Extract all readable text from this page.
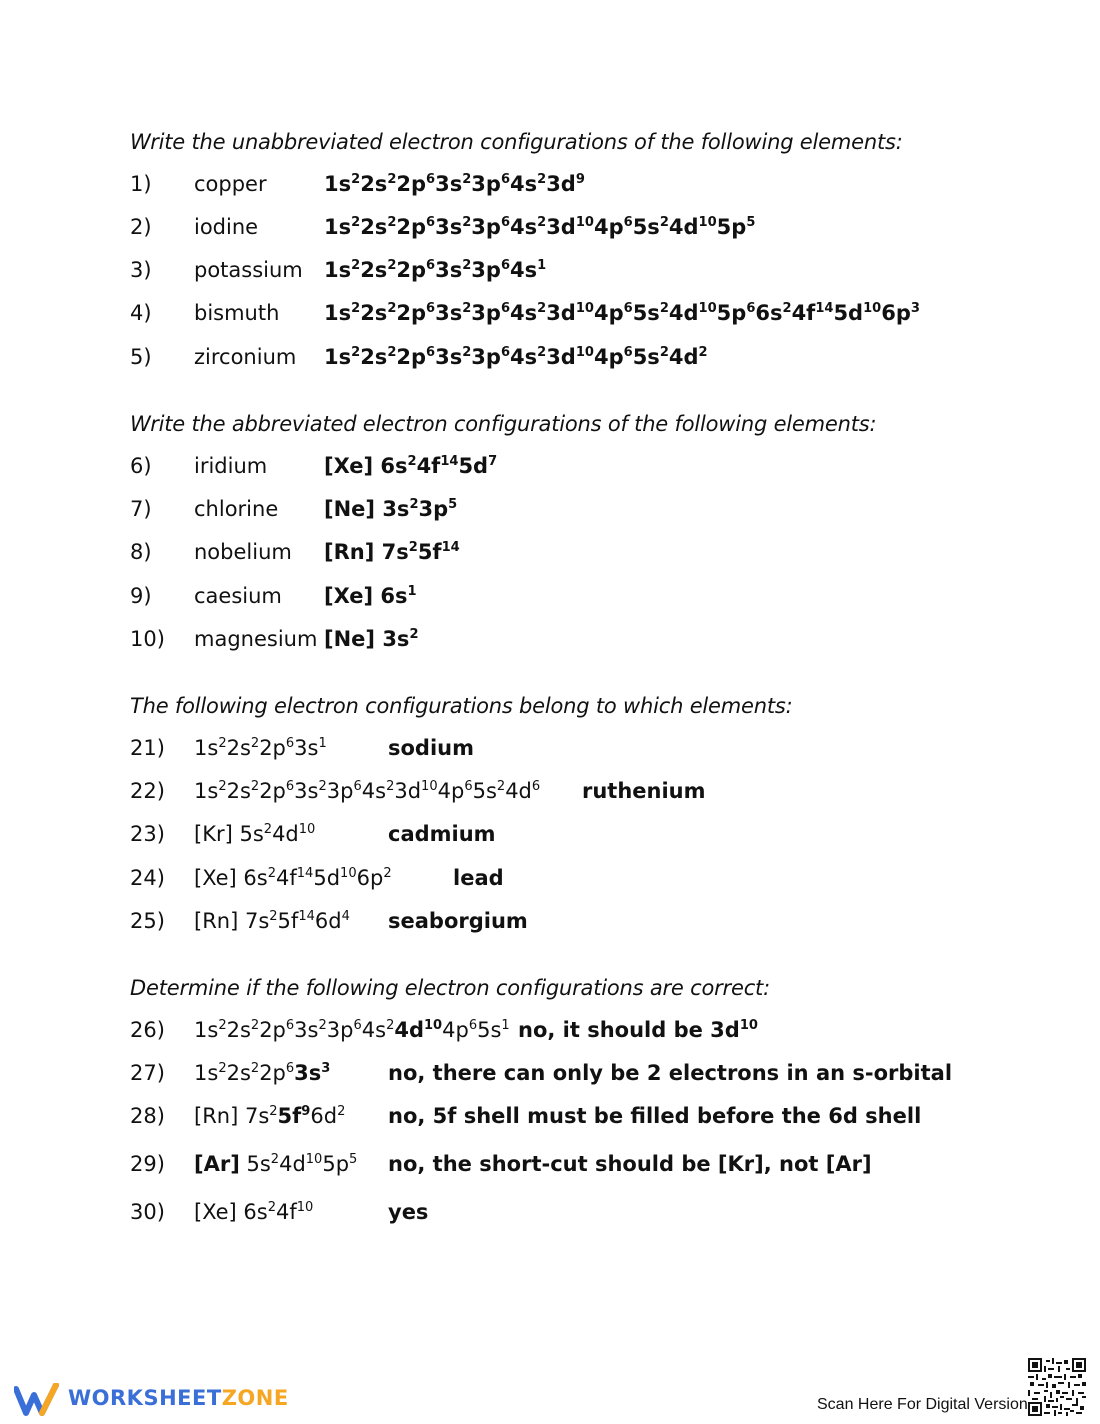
Write the unabbreviated electron configurations of the following elements:
1) copper	$1s^22s^22p^63s^23p^64s^23d^9$
2) iodine	$1s^22s^22p^63s^23p^64s^23d^{10}4p^65s^24d^{10}5p^5$
3) potassium $1s^22s^22p^63s^23p^64s^1$
4) bismuth $1s^22s^22p^63s^23p^64s^23d^{10}4p^65s^24d^{10}5p^66s^24f^{14}5d^{10}6p^3$
5) zirconium $1s^22s^22p^63s^23p^64s^23d^{10}4p^65s^24d^2$
Write the abbreviated electron configurations of the following elements:
6) iridium	[Xe] $6s^24f^{14}5d^7$
7) chlorine [Ne] $3s^23p^5$
8) nobelium [Rn] $7s^25f^{14}$
9) caesium [Xe] $6s^1$
10) magnesium [Ne] $3s^2$
The following electron configurations belong to which elements:
21) $1s^22s^22p^63s^1$	sodium
22) $1s^22s^22p^63s^23p^64s^23d^{10}4p^65s^24d^6$ ruthenium
23) [Kr] $5s^24d^{10}$	cadmium
24) [Xe] $6s^24f^{14}5d^{10}6p^2$	lead
25) [Rn] $7s^25f^{14}6d^4$ seaborgium
Determine if the following electron configurations are correct:
26) $1s^22s^22p^63s^23p^64s^24d^{10}4p^65s^1$ no, it should be $3d^{10}$
27) $1s^22s^22p^63s^3$	no, there can only be 2 electrons in an s-orbital
28) [Rn] $7s^25f^96d^2$ no, 5f shell must be filled before the 6d shell
29) [Ar] $5s^24d^{10}5p^5$ no, the short-cut should be [Kr], not [Ar]
30) [Xe] $6s^24f^{10}$	yes
WORKSHEETZONE	Scan Here For Digital Version
